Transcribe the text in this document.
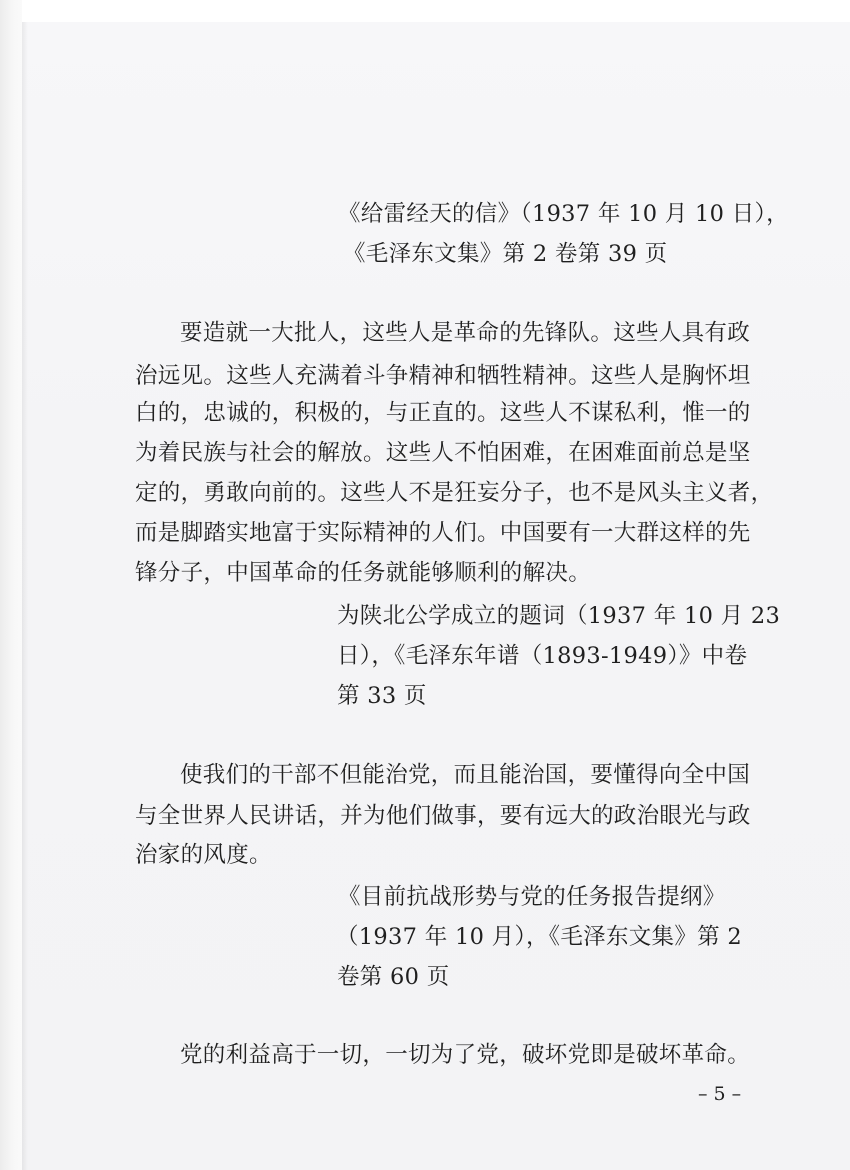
《给雷经天的信》（1937 年 10 月 10 日），
《毛泽东文集》第 2 卷第 39 页
要造就一大批人，这些人是革命的先锋队。这些人具有政
治远见。这些人充满着斗争精神和牺牲精神。这些人是胸怀坦
白的，忠诚的，积极的，与正直的。这些人不谋私利，惟一的
为着民族与社会的解放。这些人不怕困难，在困难面前总是坚
定的，勇敢向前的。这些人不是狂妄分子，也不是风头主义者，
而是脚踏实地富于实际精神的人们。中国要有一大群这样的先
锋分子，中国革命的任务就能够顺利的解决。
为陕北公学成立的题词（1937 年 10 月 23
日），《毛泽东年谱（1893-1949）》中卷
第 33 页
使我们的干部不但能治党，而且能治国，要懂得向全中国
与全世界人民讲话，并为他们做事，要有远大的政治眼光与政
治家的风度。
《目前抗战形势与党的任务报告提纲》
（1937 年 10 月），《毛泽东文集》第 2
卷第 60 页
党的利益高于一切，一切为了党，破坏党即是破坏革命。
– 5 –
